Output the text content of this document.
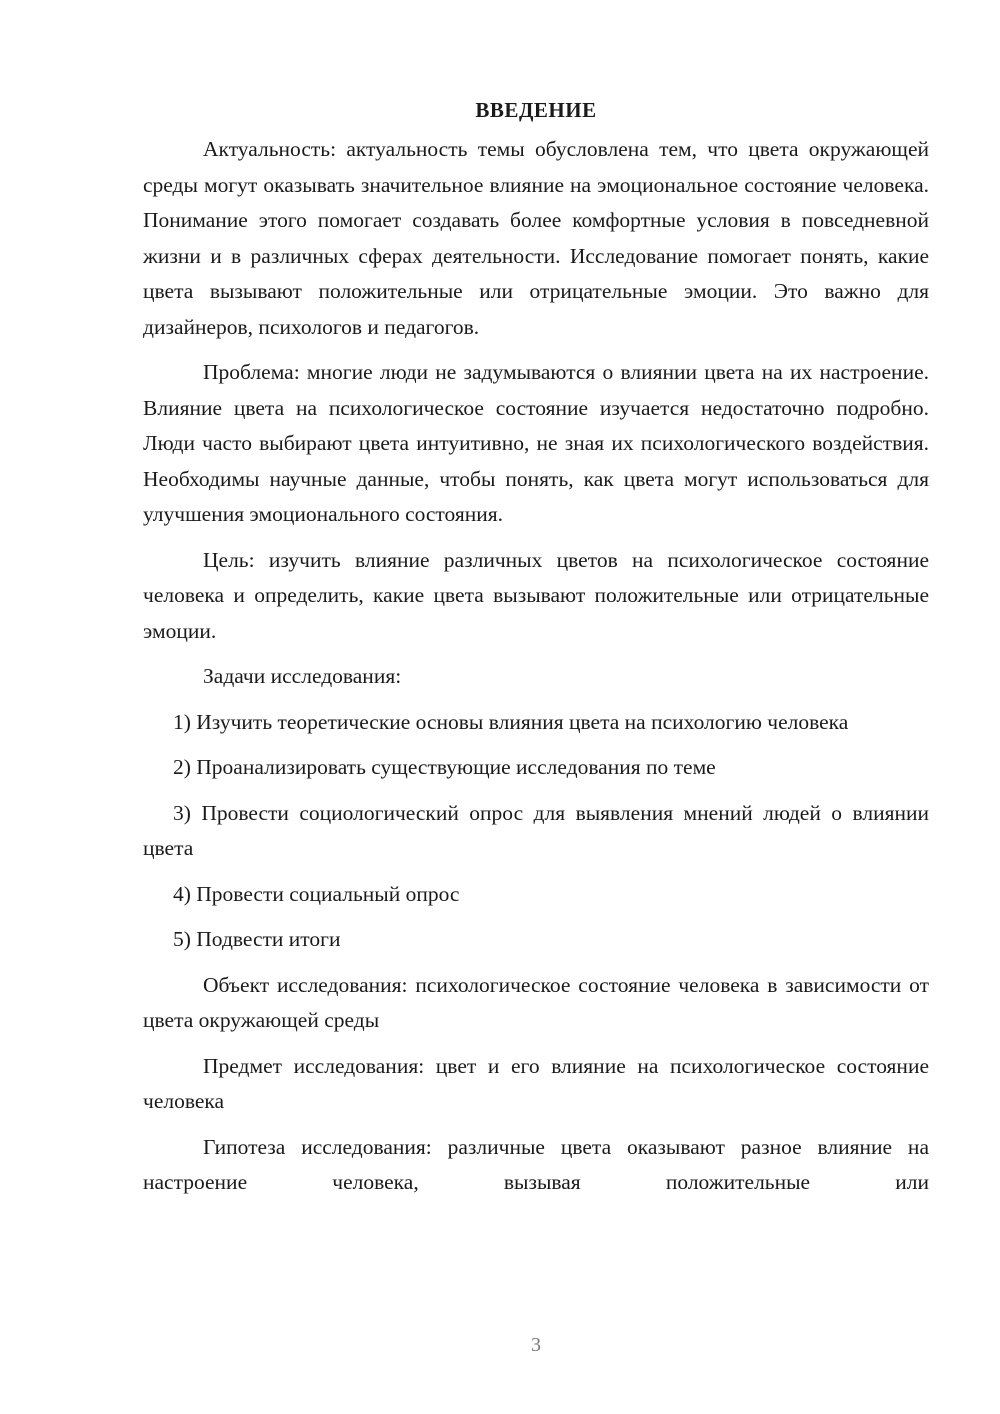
ВВЕДЕНИЕ

Актуальность: актуальность темы обусловлена тем, что цвета окружающей среды могут оказывать значительное влияние на эмоциональное состояние человека. Понимание этого помогает создавать более комфортные условия в повседневной жизни и в различных сферах деятельности. Исследование помогает понять, какие цвета вызывают положительные или отрицательные эмоции. Это важно для дизайнеров, психологов и педагогов.

Проблема: многие люди не задумываются о влиянии цвета на их настроение. Влияние цвета на психологическое состояние изучается недостаточно подробно. Люди часто выбирают цвета интуитивно, не зная их психологического воздействия. Необходимы научные данные, чтобы понять, как цвета могут использоваться для улучшения эмоционального состояния.

Цель: изучить влияние различных цветов на психологическое состояние человека и определить, какие цвета вызывают положительные или отрицательные эмоции.

Задачи исследования:

1) Изучить теоретические основы влияния цвета на психологию человека

2) Проанализировать существующие исследования по теме

3) Провести социологический опрос для выявления мнений людей о влиянии цвета

4) Провести социальный опрос

5) Подвести итоги

Объект исследования: психологическое состояние человека в зависимости от цвета окружающей среды

Предмет исследования: цвет и его влияние на психологическое состояние человека

Гипотеза исследования: различные цвета оказывают разное влияние на настроение человека, вызывая положительные или

3
